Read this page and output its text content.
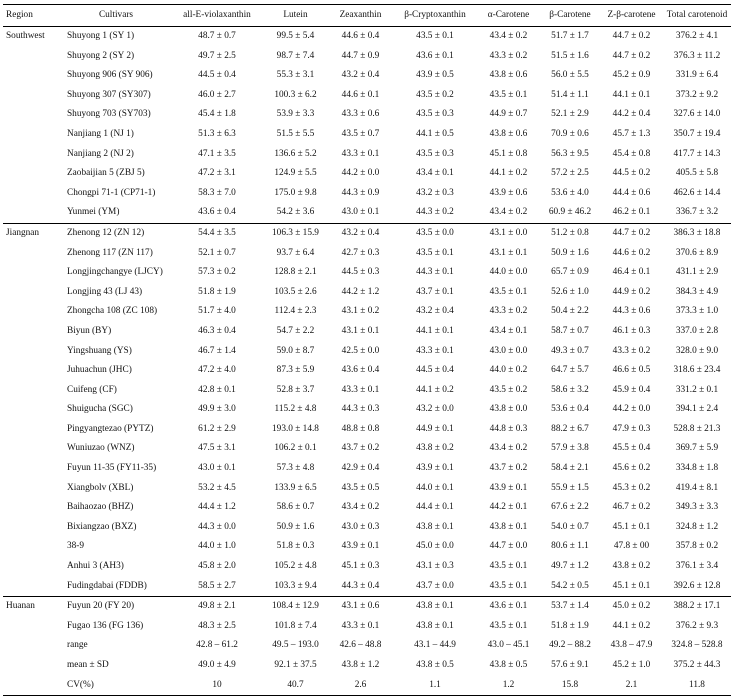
Region	Cultivars	all-E-violaxanthin	Lutein	Zeaxanthin	β-Cryptoxanthin	α-Carotene	β-Carotene	Z-β-carotene	Total carotenoid
Southwest	Shuyong 1 (SY 1)	48.7 ± 0.7	99.5 ± 5.4	44.6 ± 0.4	43.5 ± 0.1	43.4 ± 0.2	51.7 ± 1.7	44.7 ± 0.2	376.2 ± 4.1
	Shuyong 2 (SY 2)	49.7 ± 2.5	98.7 ± 7.4	44.7 ± 0.9	43.6 ± 0.1	43.3 ± 0.2	51.5 ± 1.6	44.7 ± 0.2	376.3 ± 11.2
	Shuyong 906 (SY 906)	44.5 ± 0.4	55.3 ± 3.1	43.2 ± 0.4	43.9 ± 0.5	43.8 ± 0.6	56.0 ± 5.5	45.2 ± 0.9	331.9 ± 6.4
	Shuyong 307 (SY307)	46.0 ± 2.7	100.3 ± 6.2	44.6 ± 0.1	43.5 ± 0.2	43.5 ± 0.1	51.4 ± 1.1	44.1 ± 0.1	373.2 ± 9.2
	Shuyong 703 (SY703)	45.4 ± 1.8	53.9 ± 3.3	43.3 ± 0.6	43.5 ± 0.3	44.9 ± 0.7	52.1 ± 2.9	44.2 ± 0.4	327.6 ± 14.0
	Nanjiang 1 (NJ 1)	51.3 ± 6.3	51.5 ± 5.5	43.5 ± 0.7	44.1 ± 0.5	43.8 ± 0.6	70.9 ± 0.6	45.7 ± 1.3	350.7 ± 19.4
	Nanjiang 2 (NJ 2)	47.1 ± 3.5	136.6 ± 5.2	43.3 ± 0.1	43.5 ± 0.3	45.1 ± 0.8	56.3 ± 9.5	45.4 ± 0.8	417.7 ± 14.3
	Zaobaijian 5 (ZBJ 5)	47.2 ± 3.1	124.9 ± 5.5	44.2 ± 0.0	43.4 ± 0.1	44.1 ± 0.2	57.2 ± 2.5	44.5 ± 0.2	405.5 ± 5.8
	Chongpi 71-1 (CP71-1)	58.3 ± 7.0	175.0 ± 9.8	44.3 ± 0.9	43.2 ± 0.3	43.9 ± 0.6	53.6 ± 4.0	44.4 ± 0.6	462.6 ± 14.4
	Yunmei (YM)	43.6 ± 0.4	54.2 ± 3.6	43.0 ± 0.1	44.3 ± 0.2	43.4 ± 0.2	60.9 ± 46.2	46.2 ± 0.1	336.7 ± 3.2
Jiangnan	Zhenong 12 (ZN 12)	54.4 ± 3.5	106.3 ± 15.9	43.2 ± 0.4	43.5 ± 0.0	43.1 ± 0.0	51.2 ± 0.8	44.7 ± 0.2	386.3 ± 18.8
	Zhenong 117 (ZN 117)	52.1 ± 0.7	93.7 ± 6.4	42.7 ± 0.3	43.5 ± 0.1	43.1 ± 0.1	50.9 ± 1.6	44.6 ± 0.2	370.6 ± 8.9
	Longjingchangye (LJCY)	57.3 ± 0.2	128.8 ± 2.1	44.5 ± 0.3	44.3 ± 0.1	44.0 ± 0.0	65.7 ± 0.9	46.4 ± 0.1	431.1 ± 2.9
	Longjing 43 (LJ 43)	51.8 ± 1.9	103.5 ± 2.6	44.2 ± 1.2	43.7 ± 0.1	43.5 ± 0.1	52.6 ± 1.0	44.9 ± 0.2	384.3 ± 4.9
	Zhongcha 108 (ZC 108)	51.7 ± 4.0	112.4 ± 2.3	43.1 ± 0.2	43.2 ± 0.4	43.3 ± 0.2	50.4 ± 2.2	44.3 ± 0.6	373.3 ± 1.0
	Biyun (BY)	46.3 ± 0.4	54.7 ± 2.2	43.1 ± 0.1	44.1 ± 0.1	43.4 ± 0.1	58.7 ± 0.7	46.1 ± 0.3	337.0 ± 2.8
	Yingshuang (YS)	46.7 ± 1.4	59.0 ± 8.7	42.5 ± 0.0	43.3 ± 0.1	43.0 ± 0.0	49.3 ± 0.7	43.3 ± 0.2	328.0 ± 9.0
	Juhuachun (JHC)	47.2 ± 4.0	87.3 ± 5.9	43.6 ± 0.4	44.5 ± 0.4	44.0 ± 0.2	64.7 ± 5.7	46.6 ± 0.5	318.6 ± 23.4
	Cuifeng (CF)	42.8 ± 0.1	52.8 ± 3.7	43.3 ± 0.1	44.1 ± 0.2	43.5 ± 0.2	58.6 ± 3.2	45.9 ± 0.4	331.2 ± 0.1
	Shuigucha (SGC)	49.9 ± 3.0	115.2 ± 4.8	44.3 ± 0.3	43.2 ± 0.0	43.8 ± 0.0	53.6 ± 0.4	44.2 ± 0.0	394.1 ± 2.4
	Pingyangtezao (PYTZ)	61.2 ± 2.9	193.0 ± 14.8	48.8 ± 0.8	44.9 ± 0.1	44.8 ± 0.3	88.2 ± 6.7	47.9 ± 0.3	528.8 ± 21.3
	Wuniuzao (WNZ)	47.5 ± 3.1	106.2 ± 0.1	43.7 ± 0.2	43.8 ± 0.2	43.4 ± 0.2	57.9 ± 3.8	45.5 ± 0.4	369.7 ± 5.9
	Fuyun 11-35 (FY11-35)	43.0 ± 0.1	57.3 ± 4.8	42.9 ± 0.4	43.9 ± 0.1	43.7 ± 0.2	58.4 ± 2.1	45.6 ± 0.2	334.8 ± 1.8
	Xiangbolv (XBL)	53.2 ± 4.5	133.9 ± 6.5	43.5 ± 0.5	44.0 ± 0.1	43.9 ± 0.1	55.9 ± 1.5	45.3 ± 0.2	419.4 ± 8.1
	Baihaozao (BHZ)	44.4 ± 1.2	58.6 ± 0.7	43.4 ± 0.2	44.4 ± 0.1	44.2 ± 0.1	67.6 ± 2.2	46.7 ± 0.2	349.3 ± 3.3
	Bixiangzao (BXZ)	44.3 ± 0.0	50.9 ± 1.6	43.0 ± 0.3	43.8 ± 0.1	43.8 ± 0.1	54.0 ± 0.7	45.1 ± 0.1	324.8 ± 1.2
	38-9	44.0 ± 1.0	51.8 ± 0.3	43.9 ± 0.1	45.0 ± 0.0	44.7 ± 0.0	80.6 ± 1.1	47.8 ± 00	357.8 ± 0.2
	Anhui 3 (AH3)	45.8 ± 2.0	105.2 ± 4.8	45.1 ± 0.3	43.1 ± 0.3	43.5 ± 0.1	49.7 ± 1.2	43.8 ± 0.2	376.1 ± 3.4
	Fudingdabai (FDDB)	58.5 ± 2.7	103.3 ± 9.4	44.3 ± 0.4	43.7 ± 0.0	43.5 ± 0.1	54.2 ± 0.5	45.1 ± 0.1	392.6 ± 12.8
Huanan	Fuyun 20 (FY 20)	49.8 ± 2.1	108.4 ± 12.9	43.1 ± 0.6	43.8 ± 0.1	43.6 ± 0.1	53.7 ± 1.4	45.0 ± 0.2	388.2 ± 17.1
	Fugao 136 (FG 136)	48.3 ± 2.5	101.8 ± 7.4	43.3 ± 0.1	43.8 ± 0.1	43.5 ± 0.1	51.8 ± 1.9	44.1 ± 0.2	376.2 ± 9.3
	range	42.8 – 61.2	49.5 – 193.0	42.6 – 48.8	43.1 – 44.9	43.0 – 45.1	49.2 – 88.2	43.8 – 47.9	324.8 – 528.8
	mean ± SD	49.0 ± 4.9	92.1 ± 37.5	43.8 ± 1.2	43.8 ± 0.5	43.8 ± 0.5	57.6 ± 9.1	45.2 ± 1.0	375.2 ± 44.3
	CV(%)	10	40.7	2.6	1.1	1.2	15.8	2.1	11.8
